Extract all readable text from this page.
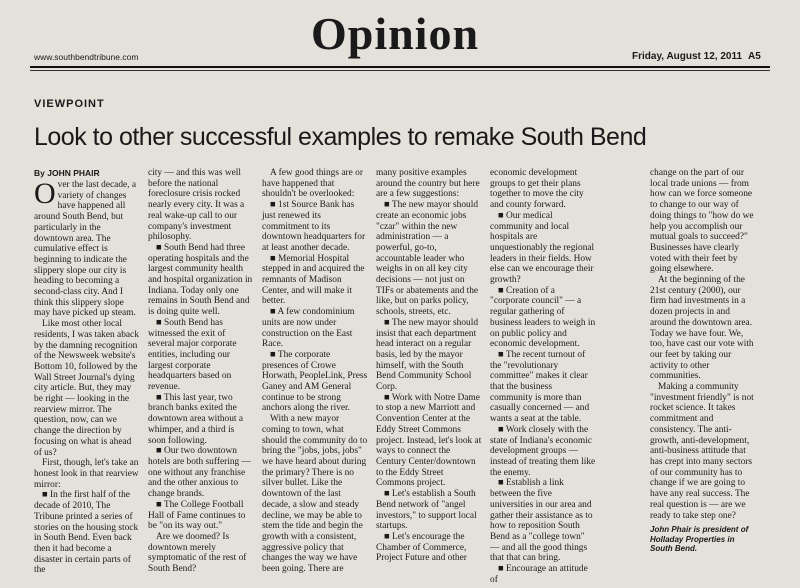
www.southbendtribune.com	Opinion	Friday, August 12, 2011 A5
VIEWPOINT
Look to other successful examples to remake South Bend
By JOHN PHAIR

Over the last decade, a variety of changes have happened all around South Bend, but particularly in the downtown area. The cumulative effect is beginning to indicate the slippery slope our city is heading to becoming a second-class city. And I think this slippery slope may have picked up steam.

Like most other local residents, I was taken aback by the damning recognition of the Newsweek website's Bottom 10, followed by the Wall Street Journal's dying city article. But, they may be right — looking in the rearview mirror. The question, now, can we change the direction by focusing on what is ahead of us?

First, though, let's take an honest look in that rearview mirror:

■ In the first half of the decade of 2010, The Tribune printed a series of stories on the housing stock in South Bend. Even back then it had become a disaster in certain parts of the

city — and this was well before the national foreclosure crisis rocked nearly every city. It was a real wake-up call to our company's investment philosophy.

■ South Bend had three operating hospitals and the largest community health and hospital organization in Indiana. Today only one remains in South Bend and is doing quite well.

■ South Bend has witnessed the exit of several major corporate entities, including our largest corporate headquarters based on revenue.

■ This last year, two branch banks exited the downtown area without a whimper, and a third is soon following.

■ Our two downtown hotels are both suffering — one without any franchise and the other anxious to change brands.

■ The College Football Hall of Fame continues to be "on its way out."

Are we doomed? Is downtown merely symptomatic of the rest of South Bend?

A few good things are or have happened that shouldn't be overlooked:

■ 1st Source Bank has just renewed its commitment to its downtown headquarters for at least another decade.

■ Memorial Hospital stepped in and acquired the remnants of Madison Center, and will make it better.

■ A few condominium units are now under construction on the East Race.

■ The corporate presences of Crowe Horwath, PeopleLink, Press Ganey and AM General continue to be strong anchors along the river.

With a new mayor coming to town, what should the community do to bring the "jobs, jobs, jobs" we have heard about during the primary? There is no silver bullet. Like the downtown of the last decade, a slow and steady decline, we may be able to stem the tide and begin the growth with a consistent, aggressive policy that changes the way we have been going. There are

many positive examples around the country but here are a few suggestions:

■ The new mayor should create an economic jobs "czar" within the new administration — a powerful, go-to, accountable leader who weighs in on all key city decisions — not just on TIFs or abatements and the like, but on parks policy, schools, streets, etc.

■ The new mayor should insist that each department head interact on a regular basis, led by the mayor himself, with the South Bend Community School Corp.

■ Work with Notre Dame to stop a new Marriott and Convention Center at the Eddy Street Commons project. Instead, let's look at ways to connect the Century Center/downtown to the Eddy Street Commons project.

■ Let's establish a South Bend network of "angel investors," to support local startups.

■ Let's encourage the Chamber of Commerce, Project Future and other

economic development groups to get their plans together to move the city and county forward.

■ Our medical community and local hospitals are unquestionably the regional leaders in their fields. How else can we encourage their growth?

■ Creation of a "corporate council" — a regular gathering of business leaders to weigh in on public policy and economic development.

■ The recent turnout of the "revolutionary committee" makes it clear that the business community is more than casually concerned — and wants a seat at the table.

■ Work closely with the state of Indiana's economic development groups — instead of treating them like the enemy.

■ Establish a link between the five universities in our area and gather their assistance as to how to reposition South Bend as a "college town" — and all the good things that that can bring.

■ Encourage an attitude of

change on the part of our local trade unions — from how can we force someone to change to our way of doing things to "how do we help you accomplish our mutual goals to succeed?" Businesses have clearly voted with their feet by going elsewhere.

At the beginning of the 21st century (2000), our firm had investments in a dozen projects in and around the downtown area. Today we have four. We, too, have cast our vote with our feet by taking our activity to other communities.

Making a community "investment friendly" is not rocket science. It takes commitment and consistency. The anti-growth, anti-development, anti-business attitude that has crept into many sectors of our community has to change if we are going to have any real success. The real question is — are we ready to take step one?

John Phair is president of Holladay Properties in South Bend.
